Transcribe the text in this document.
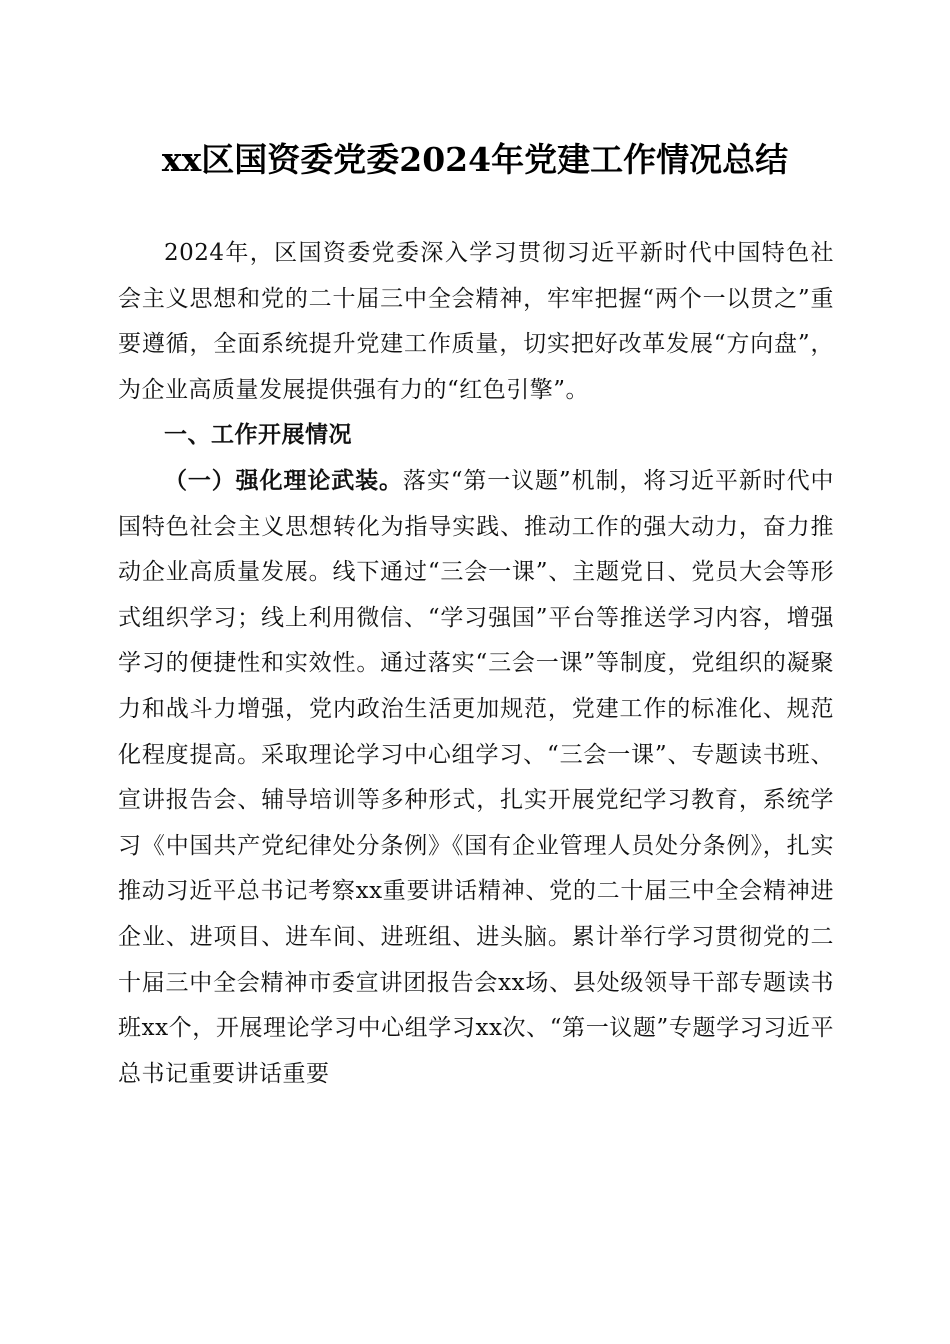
xx区国资委党委2024年党建工作情况总结

2024年，区国资委党委深入学习贯彻习近平新时代中国特色社会主义思想和党的二十届三中全会精神，牢牢把握“两个一以贯之”重要遵循，全面系统提升党建工作质量，切实把好改革发展“方向盘”，为企业高质量发展提供强有力的“红色引擎”。

一、工作开展情况

（一）强化理论武装。落实“第一议题”机制，将习近平新时代中国特色社会主义思想转化为指导实践、推动工作的强大动力，奋力推动企业高质量发展。线下通过“三会一课”、主题党日、党员大会等形式组织学习；线上利用微信、“学习强国”平台等推送学习内容，增强学习的便捷性和实效性。通过落实“三会一课”等制度，党组织的凝聚力和战斗力增强，党内政治生活更加规范，党建工作的标准化、规范化程度提高。采取理论学习中心组学习、“三会一课”、专题读书班、宣讲报告会、辅导培训等多种形式，扎实开展党纪学习教育，系统学习《中国共产党纪律处分条例》《国有企业管理人员处分条例》，扎实推动习近平总书记考察xx重要讲话精神、党的二十届三中全会精神进企业、进项目、进车间、进班组、进头脑。累计举行学习贯彻党的二十届三中全会精神市委宣讲团报告会xx场、县处级领导干部专题读书班xx个，开展理论学习中心组学习xx次、“第一议题”专题学习习近平总书记重要讲话重要
